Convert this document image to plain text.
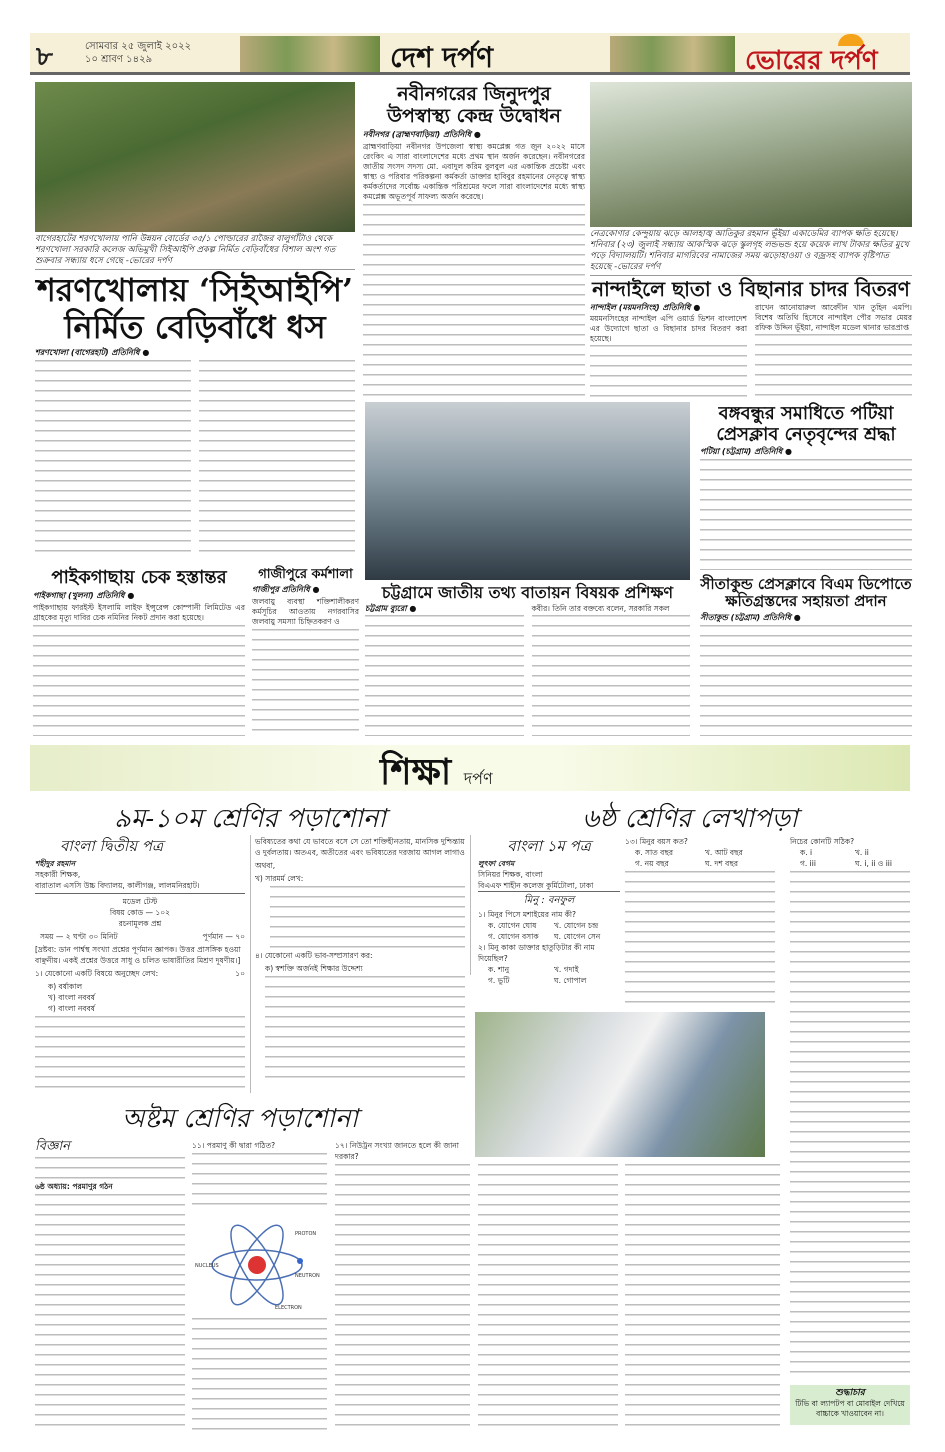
৮	সোমবার ২৫ জুলাই ২০২২
১০ শ্রাবণ ১৪২৯	দেশ দর্পণ	ভোরের দর্পণ
বাগেরহাটের শরণখোলায় পানি উন্নয়ন বোর্ডের ৩৫/১ পোল্ডারের রাজৈর বালুগাঁটাও থেকে শরণখোলা সরকারি কলেজ অভিমুখী সিইআইপি প্রকল্প নির্মিত বেড়িবাঁধের বিশাল অংশ গত শুক্রবার সন্ধ্যায় ধসে গেছে -ভোরের দর্পণ
শরণখোলায় ‘সিইআইপি’
নির্মিত বেড়িবাঁধে ধস
শরণখোলা (বাগেরহাট) প্রতিনিধি ●
নবীনগরের জিনুদপুর উপস্বাস্থ্য কেন্দ্র উদ্বোধন
নবীনগর (ব্রাহ্মণবাড়িয়া) প্রতিনিধি ●
ব্রাহ্মণবাড়িয়া নবীনগর উপজেলা স্বাস্থ্য কমপ্লেক্স গত জুন ২০২২ মাসে রেংকিং এ সারা বাংলাদেশের মধ্যে প্রথম স্থান অর্জন করেছেন। নবীনগরের জাতীয় সংসদ সদস্য মো. এবাদুল করিম বুলবুল এর একান্তিক প্রচেষ্টা এবং স্বাস্থ্য ও পরিবার পরিকল্পনা কর্মকর্তা ডাক্তার হাবিবুর রহমানের নেতৃত্বে স্বাস্থ্য কর্মকর্তাদের সর্বোচ্চ একান্তিক পরিশ্রমের ফলে সারা বাংলাদেশের মধ্যে স্বাস্থ্য কমপ্লেক্স অভূতপূর্ব সাফল্য অর্জন করেছে।
নেত্রকোণার কেন্দুয়ায় ঝড়ে আলহাজ্ব আতিকুর রহমান ভূঁইয়া একাডেমির ব্যাপক ক্ষতি হয়েছে। শনিবার (২৩) জুলাই সন্ধ্যায় আকস্মিক ঝড়ে স্কুলগৃহ লন্ডভন্ড হয়ে কয়েক লাখ টাকার ক্ষতির মুখে পড়ে বিদ্যালয়টি। শনিবার মাগরিবের নামাজের সময় ঝড়োহাওয়া ও বজ্রসহ ব্যাপক বৃষ্টিপাত হয়েছে -ভোরের দর্পণ
নান্দাইলে ছাতা ও বিছানার চাদর বিতরণ
নান্দাইল (ময়মনসিংহ) প্রতিনিধি ●
ময়মনসিংহের নান্দাইল এপি ওয়ার্ড ভিশন বাংলাদেশ এর উদ্যোগে ছাতা ও বিছানার চাদর বিতরণ করা হয়েছে।
রাখেন আনোয়ারুল আবেদীন খান তুহিন এমপি। বিশেষ অতিথি হিসেবে নান্দাইল পৌর সভার মেয়র রফিক উদ্দিন ভূঁইয়া, নান্দাইল মডেল থানার ভারপ্রাপ্ত
বঙ্গবন্ধুর সমাধিতে পটিয়া
প্রেসক্লাব নেতৃবৃন্দের শ্রদ্ধা
পটিয়া (চট্টগ্রাম) প্রতিনিধি ●
পাইকগাছায় চেক হস্তান্তর
পাইকগাছা (খুলনা) প্রতিনিধি ●
পাইকগাছায় ফারইস্ট ইসলামি লাইফ ইন্সুরেন্স কোম্পানী লিমিটেড এর গ্রাহকের মৃত্যু দাবির চেক নমিনির নিকট প্রদান করা হয়েছে।
গাজীপুরে কর্মশালা
গাজীপুর প্রতিনিধি ●
জলবায়ু ব্যবস্থা শক্তিশালীকরণ কর্মসূচির আওতায় নগরবাসির জলবায়ু সমস্যা চিহ্নিতকরণ ও
চট্টগ্রামে জাতীয় তথ্য বাতায়ন বিষয়ক প্রশিক্ষণ
চট্টগ্রাম ব্যুরো ●	কবীর। তিনি তার বক্তব্যে বলেন, সরকারি সকল
সীতাকুন্ড প্রেসক্লাবে বিএম ডিপোতে
ক্ষতিগ্রস্তদের সহায়তা প্রদান
সীতাকুন্ড (চট্টগ্রাম) প্রতিনিধি ●
শিক্ষা দর্পণ
৯ম-১০ম শ্রেণির পড়াশোনা	৬ষ্ঠ শ্রেণির লেখাপড়া
বাংলা দ্বিতীয় পত্র
শহীদুর রহমান
সহকারী শিক্ষক,
বারাতাল এসসি উচ্চ বিদ্যালয়, কালীগঞ্জ, লালমনিরহাট।
মডেল টেস্ট
বিষয় কোড — ১০২
রচনামূলক প্রশ্ন
সময় — ২ ঘণ্টা ৩০ মিনিট	পূর্ণমান — ৭০
[দ্রষ্টব্য: ডান পার্শ্বস্থ সংখ্যা প্রশ্নের পূর্ণমান জ্ঞাপক। উত্তর প্রাসঙ্গিক হওয়া বাঞ্ছনীয়। একই প্রশ্নের উত্তরে সাধু ও চলিত ভাষারীতির মিশ্রণ দূষণীয়।]
১। যেকোনো একটি বিষয়ে অনুচ্ছেদ লেখ:	১০
ক) বর্ষাকাল
খ) বাংলা নববর্ষ
গ) বাংলা নববর্ষ
ভবিষ্যতের কথা যে ভাবতে বসে সে তো শক্তিহীনতায়, মানসিক দুশ্চিন্তায় ও দুর্বলতায়। অতএব, অতীতের এবং ভবিষ্যতের দরজায় আগল লাগাও
অথবা,
খ) সারমর্ম লেখ:
৪। যেকোনো একটি ভাব-সম্প্রসারণ কর:
ক) স্বশক্তি অর্জনই শিক্ষার উদ্দেশ্য
বাংলা ১ম পত্র
লুৎফা বেগম
সিনিয়র শিক্ষক, বাংলা
বিএএফ শাহীন কলেজ কুর্মিটোলা, ঢাকা
মিনু : বনফুল
১। মিনুর পিসে মশাইয়ের নাম কী?
ক. যোগেন ঘোষ	খ. যোগেন চন্দ্র
গ. যোগেন বসাক	ঘ. যোগেন সেন
২। মিনু কাকা ডাক্তার হাতুড়িটার কী নাম দিয়েছিল?
ক. শানু	খ. গদাই
গ. ভুটি	ঘ. গোপাল
১৩। মিনুর বয়স কত?
ক. সাত বছর	খ. আট বছর
গ. নয় বছর	ঘ. দশ বছর
নিচের কোনটি সঠিক?
ক. i	খ. ii
গ. iii	ঘ. i, ii ও iii
অষ্টম শ্রেণির পড়াশোনা
বিজ্ঞান
৬ষ্ঠ অধ্যায়: পরমাণুর গঠন
১১। পরমাণু কী দ্বারা গঠিত?
NUCLEUS
PROTON
NEUTRON
ELECTRON
১৭। নিউট্রন সংখ্যা জানতে হলে কী জানা দরকার?
শুদ্ধাচার
টিভি বা ল্যাপটপ বা মোবাইল দেখিয়ে বাচ্চাকে খাওয়াবেন না।
